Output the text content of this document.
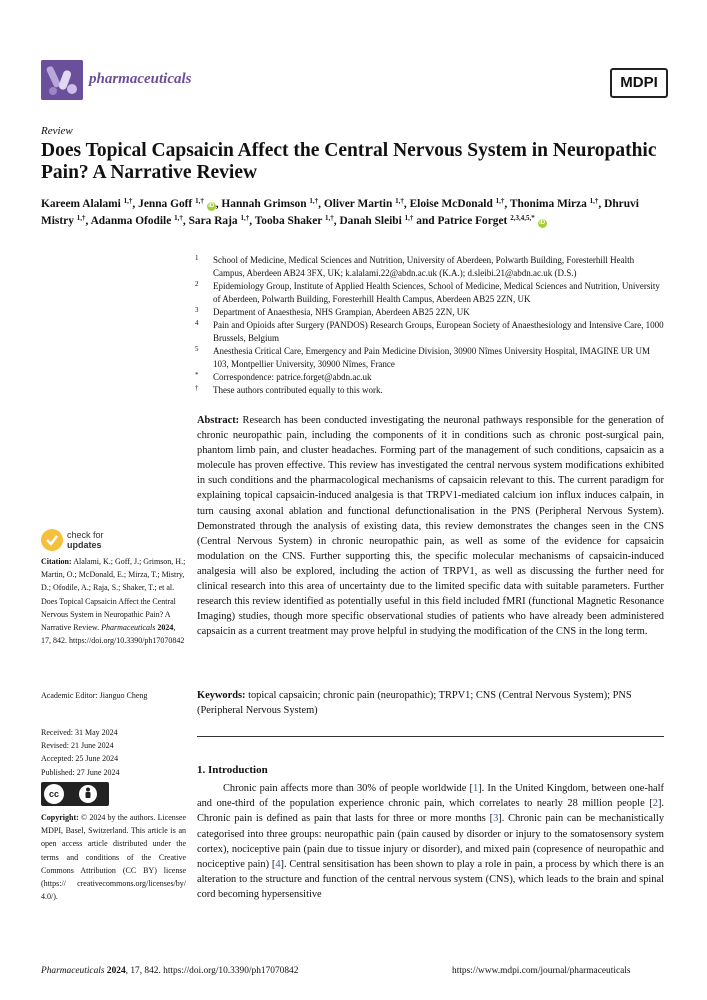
pharmaceuticals	MDPI
Review
Does Topical Capsaicin Affect the Central Nervous System in Neuropathic Pain? A Narrative Review
Kareem Alalami $^{1,\dagger}$, Jenna Goff $^{1,\dagger}$ iD , Hannah Grimson $^{1,\dagger}$, Oliver Martin $^{1,\dagger}$, Eloise McDonald $^{1,\dagger}$, Thonima Mirza $^{1,\dagger}$, Dhruvi Mistry $^{1,\dagger}$, Adanma Ofodile $^{1,\dagger}$, Sara Raja $^{1,\dagger}$, Tooba Shaker $^{1,\dagger}$, Danah Sleibi $^{1,\dagger}$ and Patrice Forget $^{2,3,4,5,*}$ iD
1	School of Medicine, Medical Sciences and Nutrition, University of Aberdeen, Polwarth Building, Foresterhill Health Campus, Aberdeen AB24 3FX, UK; k.alalami.22@abdn.ac.uk (K.A.); d.sleibi.21@abdn.ac.uk (D.S.)
2	Epidemiology Group, Institute of Applied Health Sciences, School of Medicine, Medical Sciences and Nutrition, University of Aberdeen, Polwarth Building, Foresterhill Health Campus, Aberdeen AB25 2ZN, UK
3	Department of Anaesthesia, NHS Grampian, Aberdeen AB25 2ZN, UK
4	Pain and Opioids after Surgery (PANDOS) Research Groups, European Society of Anaesthesiology and Intensive Care, 1000 Brussels, Belgium
5	Anesthesia Critical Care, Emergency and Pain Medicine Division, 30900 Nîmes University Hospital, IMAGINE UR UM 103, Montpellier University, 30900 Nîmes, France
*	Correspondence: patrice.forget@abdn.ac.uk
†	These authors contributed equally to this work.
Abstract: Research has been conducted investigating the neuronal pathways responsible for the generation of chronic neuropathic pain, including the components of it in conditions such as chronic post-surgical pain, phantom limb pain, and cluster headaches. Forming part of the management of such conditions, capsaicin as a molecule has proven effective. This review has investigated the central nervous system modifications exhibited in such conditions and the pharmacological mechanisms of capsaicin relevant to this. The current paradigm for explaining topical capsaicin-induced analgesia is that TRPV1-mediated calcium ion influx induces calpain, in turn causing axonal ablation and functional defunctionalisation in the PNS (Peripheral Nervous System). Demonstrated through the analysis of existing data, this review demonstrates the changes seen in the CNS (Central Nervous System) in chronic neuropathic pain, as well as some of the evidence for capsaicin modulation on the CNS. Further supporting this, the specific molecular mechanisms of capsaicin-induced analgesia will also be explored, including the action of TRPV1, as well as discussing the further need for clinical research into this area of uncertainty due to the limited specific data with suitable parameters. Further research this review identified as potentially useful in this field included fMRI (functional Magnetic Resonance Imaging) studies, though more specific observational studies of patients who have already been administered capsaicin as a current treatment may prove helpful in studying the modification of the CNS in the long term.
Keywords: topical capsaicin; chronic pain (neuropathic); TRPV1; CNS (Central Nervous System); PNS (Peripheral Nervous System)
1. Introduction
Chronic pain affects more than 30% of people worldwide [1]. In the United Kingdom, between one-half and one-third of the population experience chronic pain, which correlates to nearly 28 million people [2]. Chronic pain is defined as pain that lasts for three or more months [3]. Chronic pain can be mechanistically categorised into three groups: neuropathic pain (pain caused by disorder or injury to the somatosensory system cortex), nociceptive pain (pain due to tissue injury or disorder), and mixed pain (copresence of neuropathic and nociceptive pain) [4]. Central sensitisation has been shown to play a role in pain, a process by which there is an alteration to the structure and function of the central nervous system (CNS), which leads to the brain and spinal cord becoming hypersensitive
check for
updates
Citation: Alalami, K.; Goff, J.; Grimson, H.; Martin, O.; McDonald, E.; Mirza, T.; Mistry, D.; Ofodile, A.; Raja, S.; Shaker, T.; et al. Does Topical Capsaicin Affect the Central Nervous System in Neuropathic Pain? A Narrative Review. Pharmaceuticals 2024, 17, 842. https://doi.org/10.3390/ph17070842
Academic Editor: Jianguo Cheng
Received: 31 May 2024
Revised: 21 June 2024
Accepted: 25 June 2024
Published: 27 June 2024
cc
Copyright: © 2024 by the authors. Licensee MDPI, Basel, Switzerland. This article is an open access article distributed under the terms and conditions of the Creative Commons Attribution (CC BY) license (https:// creativecommons.org/licenses/by/ 4.0/).
Pharmaceuticals 2024, 17, 842. https://doi.org/10.3390/ph17070842	https://www.mdpi.com/journal/pharmaceuticals
